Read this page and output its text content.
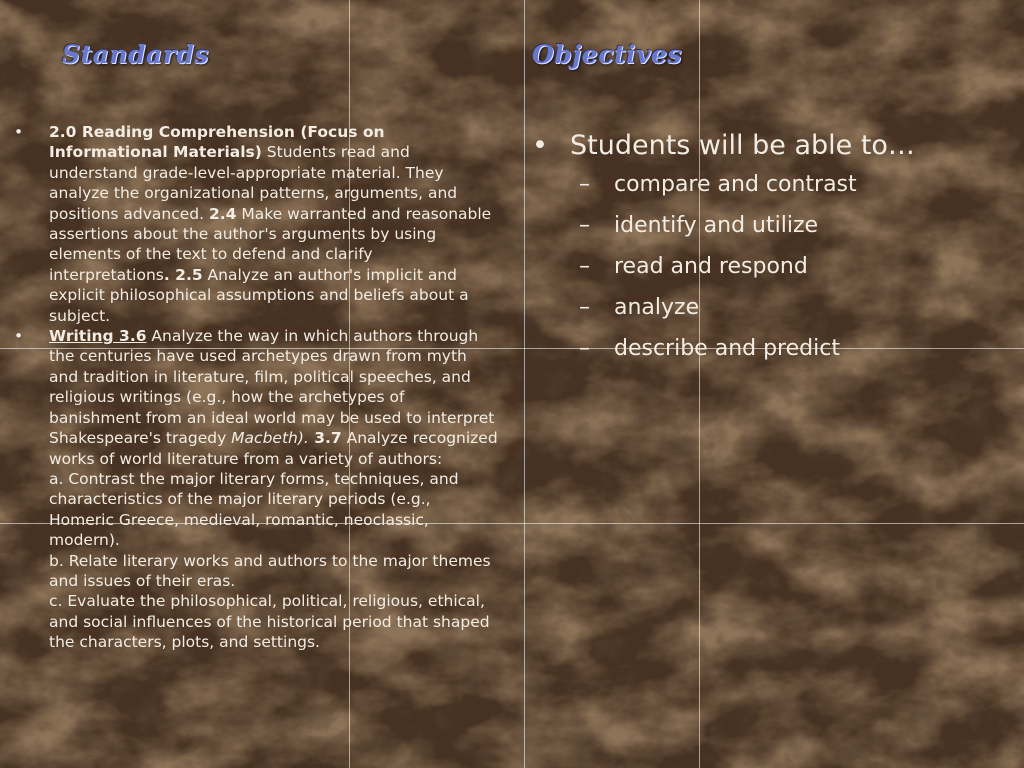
Standards	Objectives
• 2.0 Reading Comprehension (Focus on Informational Materials) Students read and understand grade-level-appropriate material. They analyze the organizational patterns, arguments, and positions advanced. 2.4 Make warranted and reasonable assertions about the author's arguments by using elements of the text to defend and clarify interpretations. 2.5 Analyze an author's implicit and explicit philosophical assumptions and beliefs about a subject.
• Writing 3.6 Analyze the way in which authors through the centuries have used archetypes drawn from myth and tradition in literature, film, political speeches, and religious writings (e.g., how the archetypes of banishment from an ideal world may be used to interpret Shakespeare's tragedy Macbeth). 3.7 Analyze recognized works of world literature from a variety of authors:
a. Contrast the major literary forms, techniques, and characteristics of the major literary periods (e.g., Homeric Greece, medieval, romantic, neoclassic, modern).
b. Relate literary works and authors to the major themes and issues of their eras.
c. Evaluate the philosophical, political, religious, ethical, and social influences of the historical period that shaped the characters, plots, and settings.
• Students will be able to…
– compare and contrast
– identify and utilize
– read and respond
– analyze
– describe and predict
